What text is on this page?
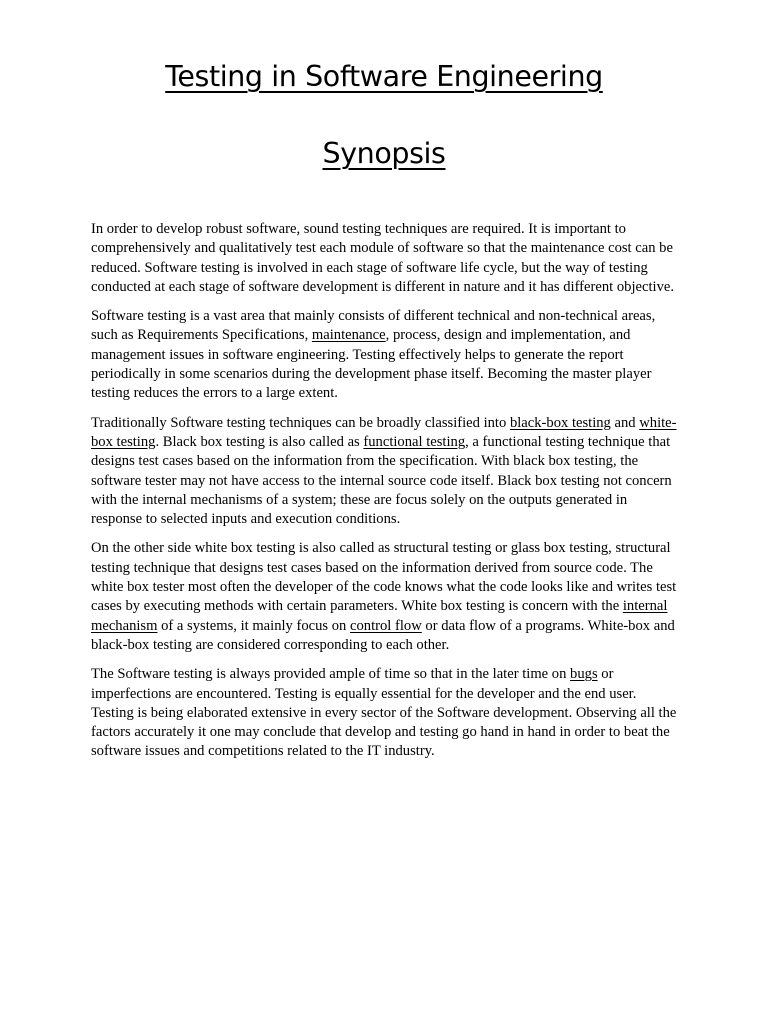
Testing in Software Engineering
Synopsis

In order to develop robust software, sound testing techniques are required. It is important to comprehensively and qualitatively test each module of software so that the maintenance cost can be reduced. Software testing is involved in each stage of software life cycle, but the way of testing conducted at each stage of software development is different in nature and it has different objective.

Software testing is a vast area that mainly consists of different technical and non-technical areas, such as Requirements Specifications, maintenance, process, design and implementation, and management issues in software engineering. Testing effectively helps to generate the report periodically in some scenarios during the development phase itself. Becoming the master player testing reduces the errors to a large extent.

Traditionally Software testing techniques can be broadly classified into black-box testing and white-box testing. Black box testing is also called as functional testing, a functional testing technique that designs test cases based on the information from the specification. With black box testing, the software tester may not have access to the internal source code itself. Black box testing not concern with the internal mechanisms of a system; these are focus solely on the outputs generated in response to selected inputs and execution conditions.

On the other side white box testing is also called as structural testing or glass box testing, structural testing technique that designs test cases based on the information derived from source code. The white box tester most often the developer of the code knows what the code looks like and writes test cases by executing methods with certain parameters. White box testing is concern with the internal mechanism of a systems, it mainly focus on control flow or data flow of a programs. White-box and black-box testing are considered corresponding to each other.

The Software testing is always provided ample of time so that in the later time on bugs or imperfections are encountered. Testing is equally essential for the developer and the end user. Testing is being elaborated extensive in every sector of the Software development. Observing all the factors accurately it one may conclude that develop and testing go hand in hand in order to beat the software issues and competitions related to the IT industry.
